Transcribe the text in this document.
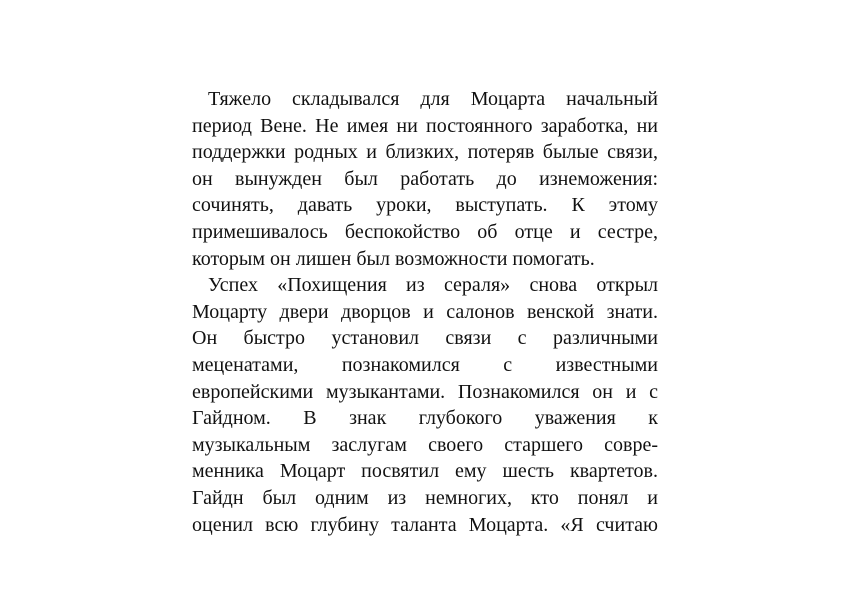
Тяжело складывался для Моцарта начальный
период Вене. Не имея ни постоянного заработка, ни
поддержки родных и близких, потеряв былые связи,
он вынужден был работать до изнеможения:
сочинять, давать уроки, выступать. К этому
примешивалось беспокойство об отце и сестре,
которым он лишен был возможности помогать.
Успех «Похищения из сераля» снова открыл
Моцарту двери дворцов и салонов венской знати.
Он быстро установил связи с различными
меценатами, познакомился с известными
европейскими музыкантами. Познакомился он и с
Гайдном. В знак глубокого уважения к
музыкальным заслугам своего старшего совре-
менника Моцарт посвятил ему шесть квартетов.
Гайдн был одним из немногих, кто понял и
оценил всю глубину таланта Моцарта. «Я считаю
